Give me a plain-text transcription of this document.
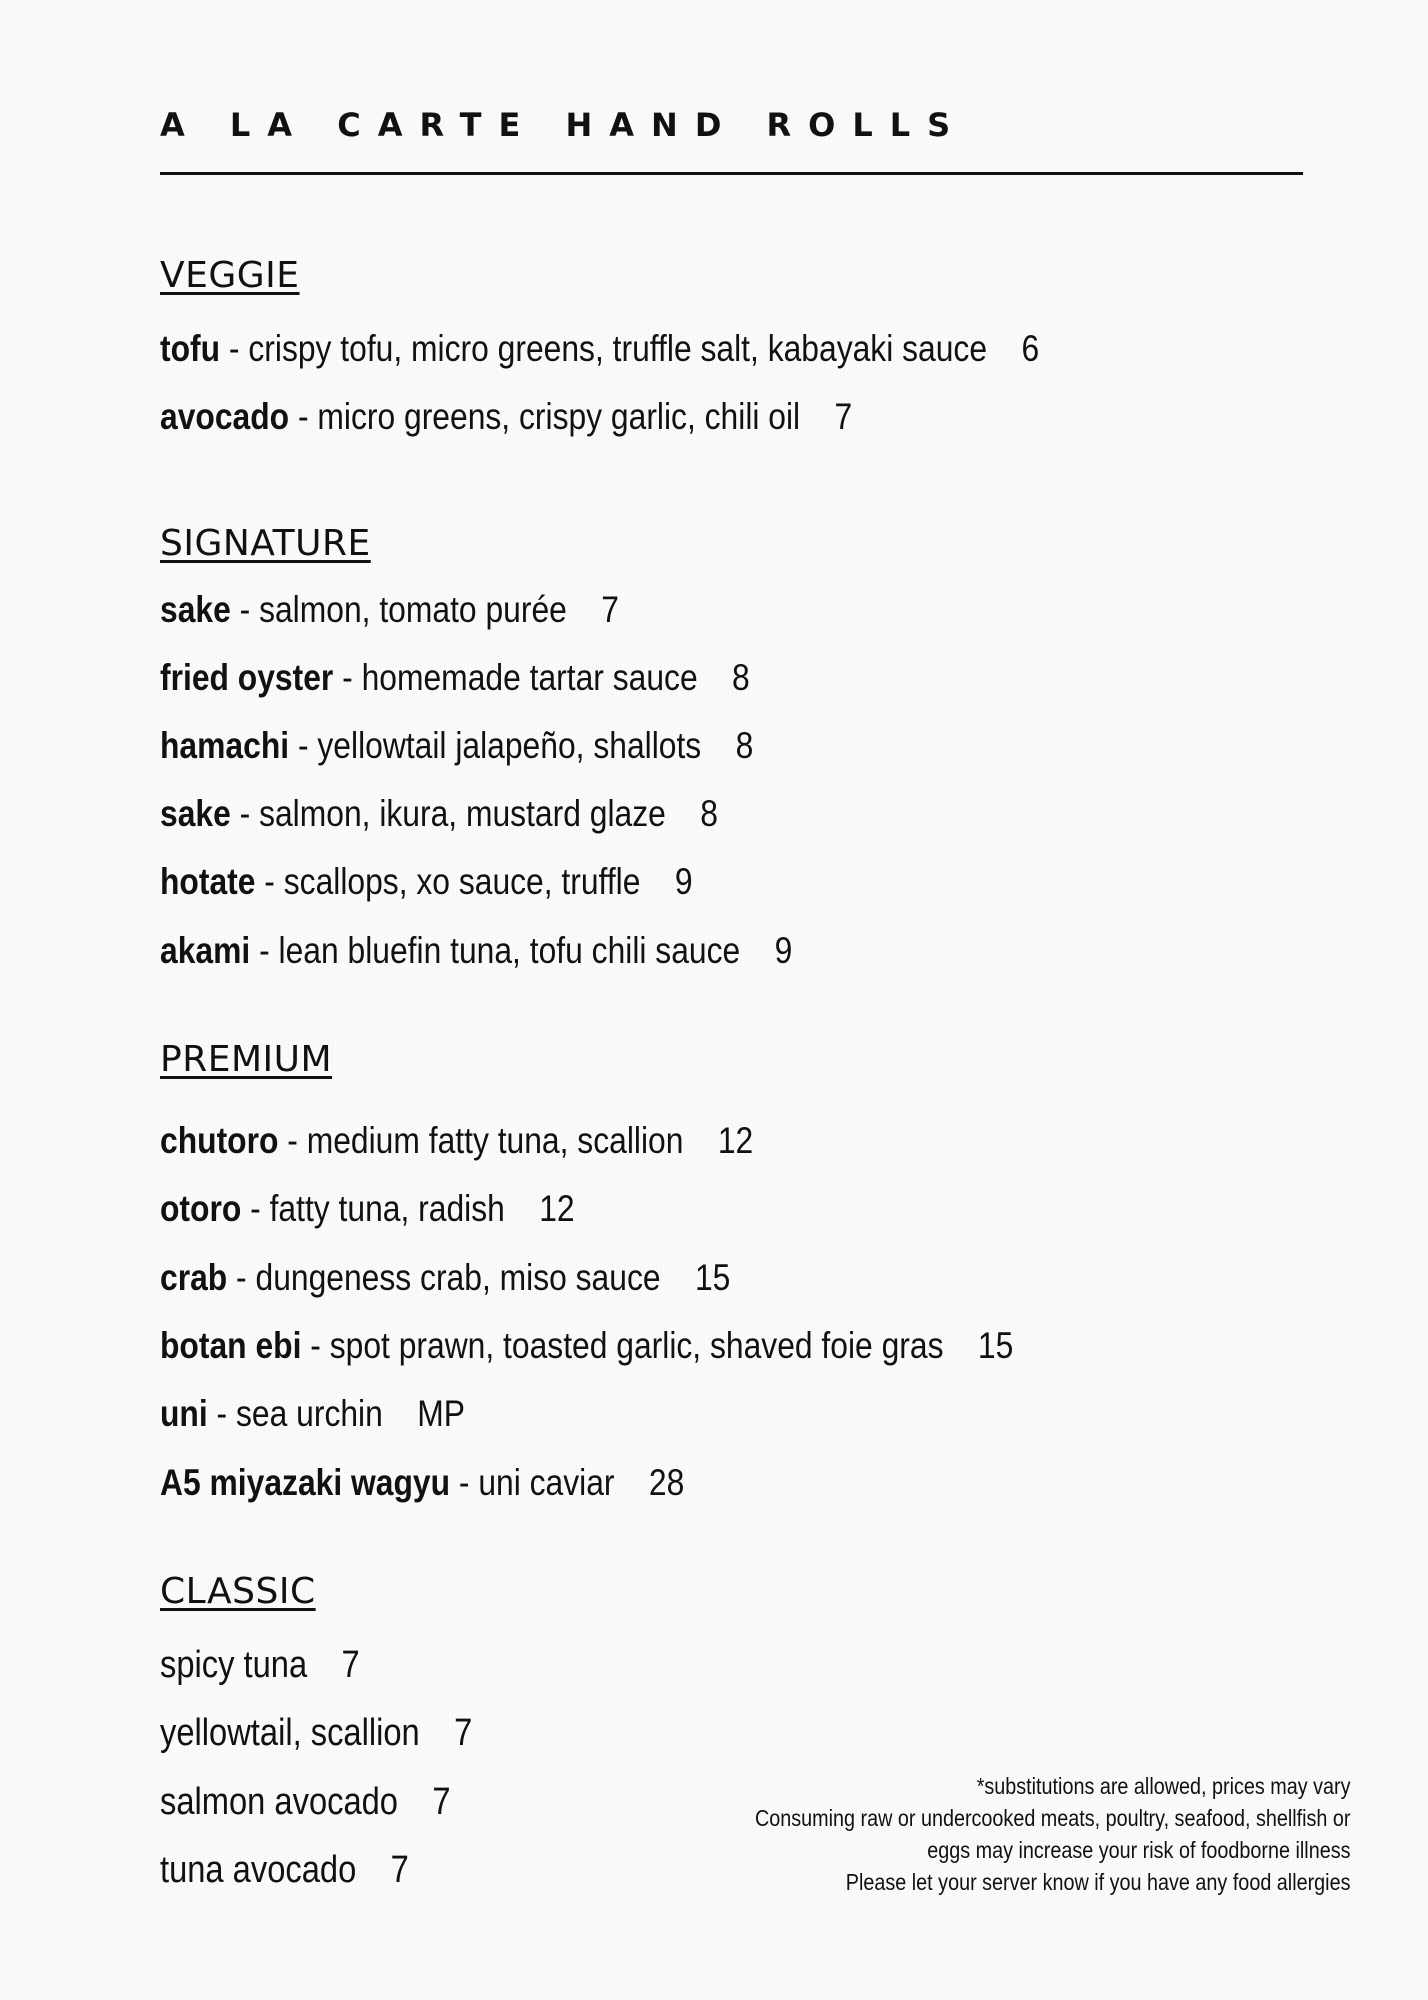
A LA CARTE HAND ROLLS
VEGGIE
tofu - crispy tofu, micro greens, truffle salt, kabayaki sauce 6
avocado - micro greens, crispy garlic, chili oil 7
SIGNATURE
sake - salmon, tomato purée 7
fried oyster - homemade tartar sauce 8
hamachi - yellowtail jalapeño, shallots 8
sake - salmon, ikura, mustard glaze 8
hotate - scallops, xo sauce, truffle 9
akami - lean bluefin tuna, tofu chili sauce 9
PREMIUM
chutoro - medium fatty tuna, scallion 12
otoro - fatty tuna, radish 12
crab - dungeness crab, miso sauce 15
botan ebi - spot prawn, toasted garlic, shaved foie gras 15
uni - sea urchin MP
A5 miyazaki wagyu - uni caviar 28
CLASSIC
spicy tuna 7
yellowtail, scallion 7
salmon avocado 7
tuna avocado 7
*substitutions are allowed, prices may vary
Consuming raw or undercooked meats, poultry, seafood, shellfish or
eggs may increase your risk of foodborne illness
Please let your server know if you have any food allergies
